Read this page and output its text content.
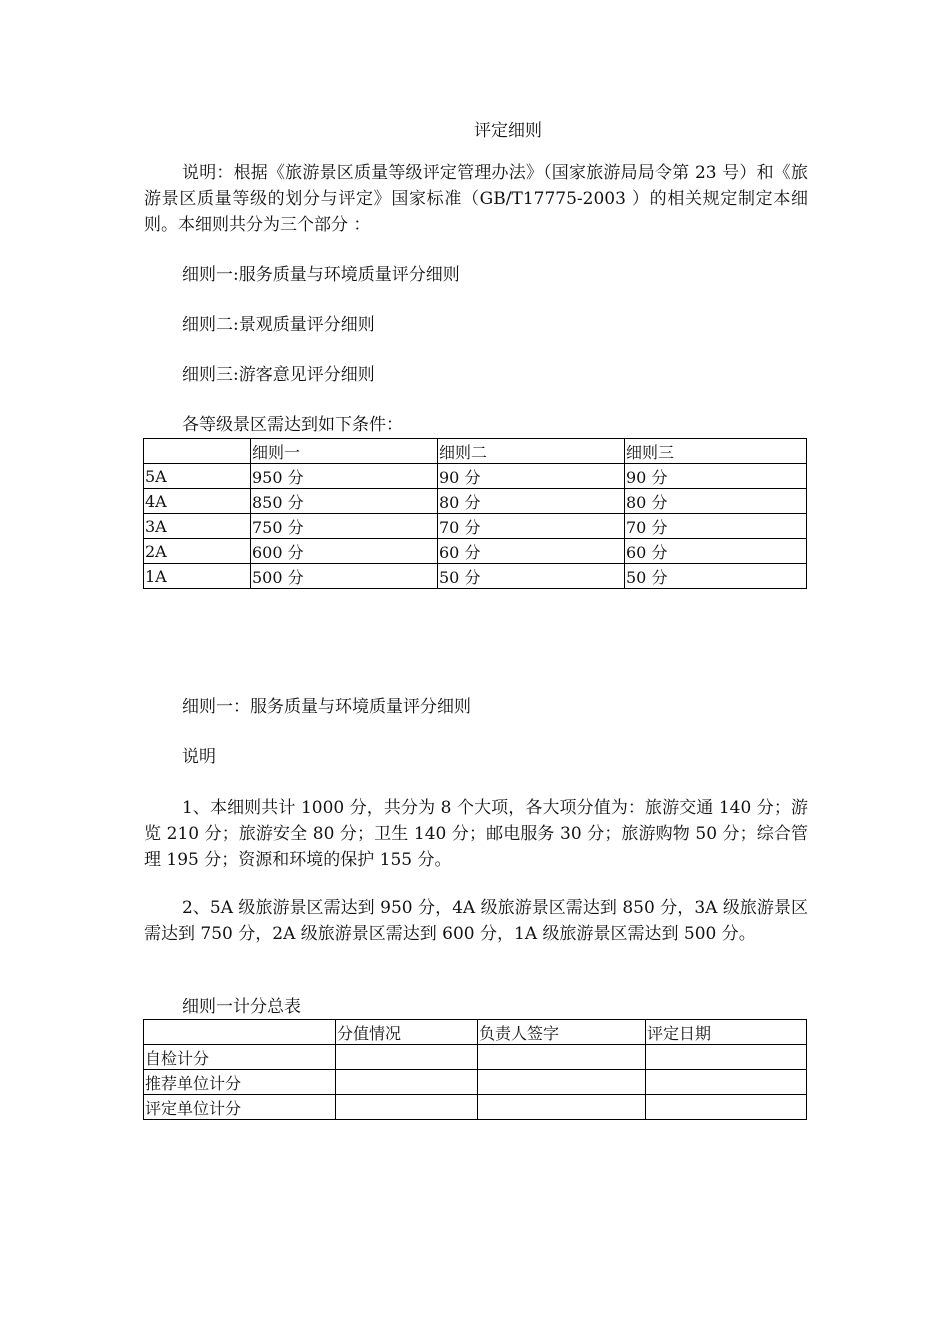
评定细则
说明：根据《旅游景区质量等级评定管理办法》（国家旅游局局令第 23 号）和《旅游景区质量等级的划分与评定》国家标准（GB/T17775-2003 ）的相关规定制定本细则。本细则共分为三个部分 ：
细则一:服务质量与环境质量评分细则
细则二:景观质量评分细则
细则三:游客意见评分细则
各等级景区需达到如下条件：
	细则一	细则二	细则三
5A	950 分	90 分	90 分
4A	850 分	80 分	80 分
3A	750 分	70 分	70 分
2A	600 分	60 分	60 分
1A	500 分	50 分	50 分
细则一：服务质量与环境质量评分细则
说明
1、本细则共计 1000 分，共分为 8 个大项，各大项分值为：旅游交通 140 分；游览 210 分；旅游安全 80 分；卫生 140 分；邮电服务 30 分；旅游购物 50 分；综合管理 195 分；资源和环境的保护 155 分。
2、5A 级旅游景区需达到 950 分，4A 级旅游景区需达到 850 分，3A 级旅游景区需达到 750 分，2A 级旅游景区需达到 600 分，1A 级旅游景区需达到 500 分。
细则一计分总表
	分值情况	负责人签字	评定日期
自检计分			
推荐单位计分			
评定单位计分			
